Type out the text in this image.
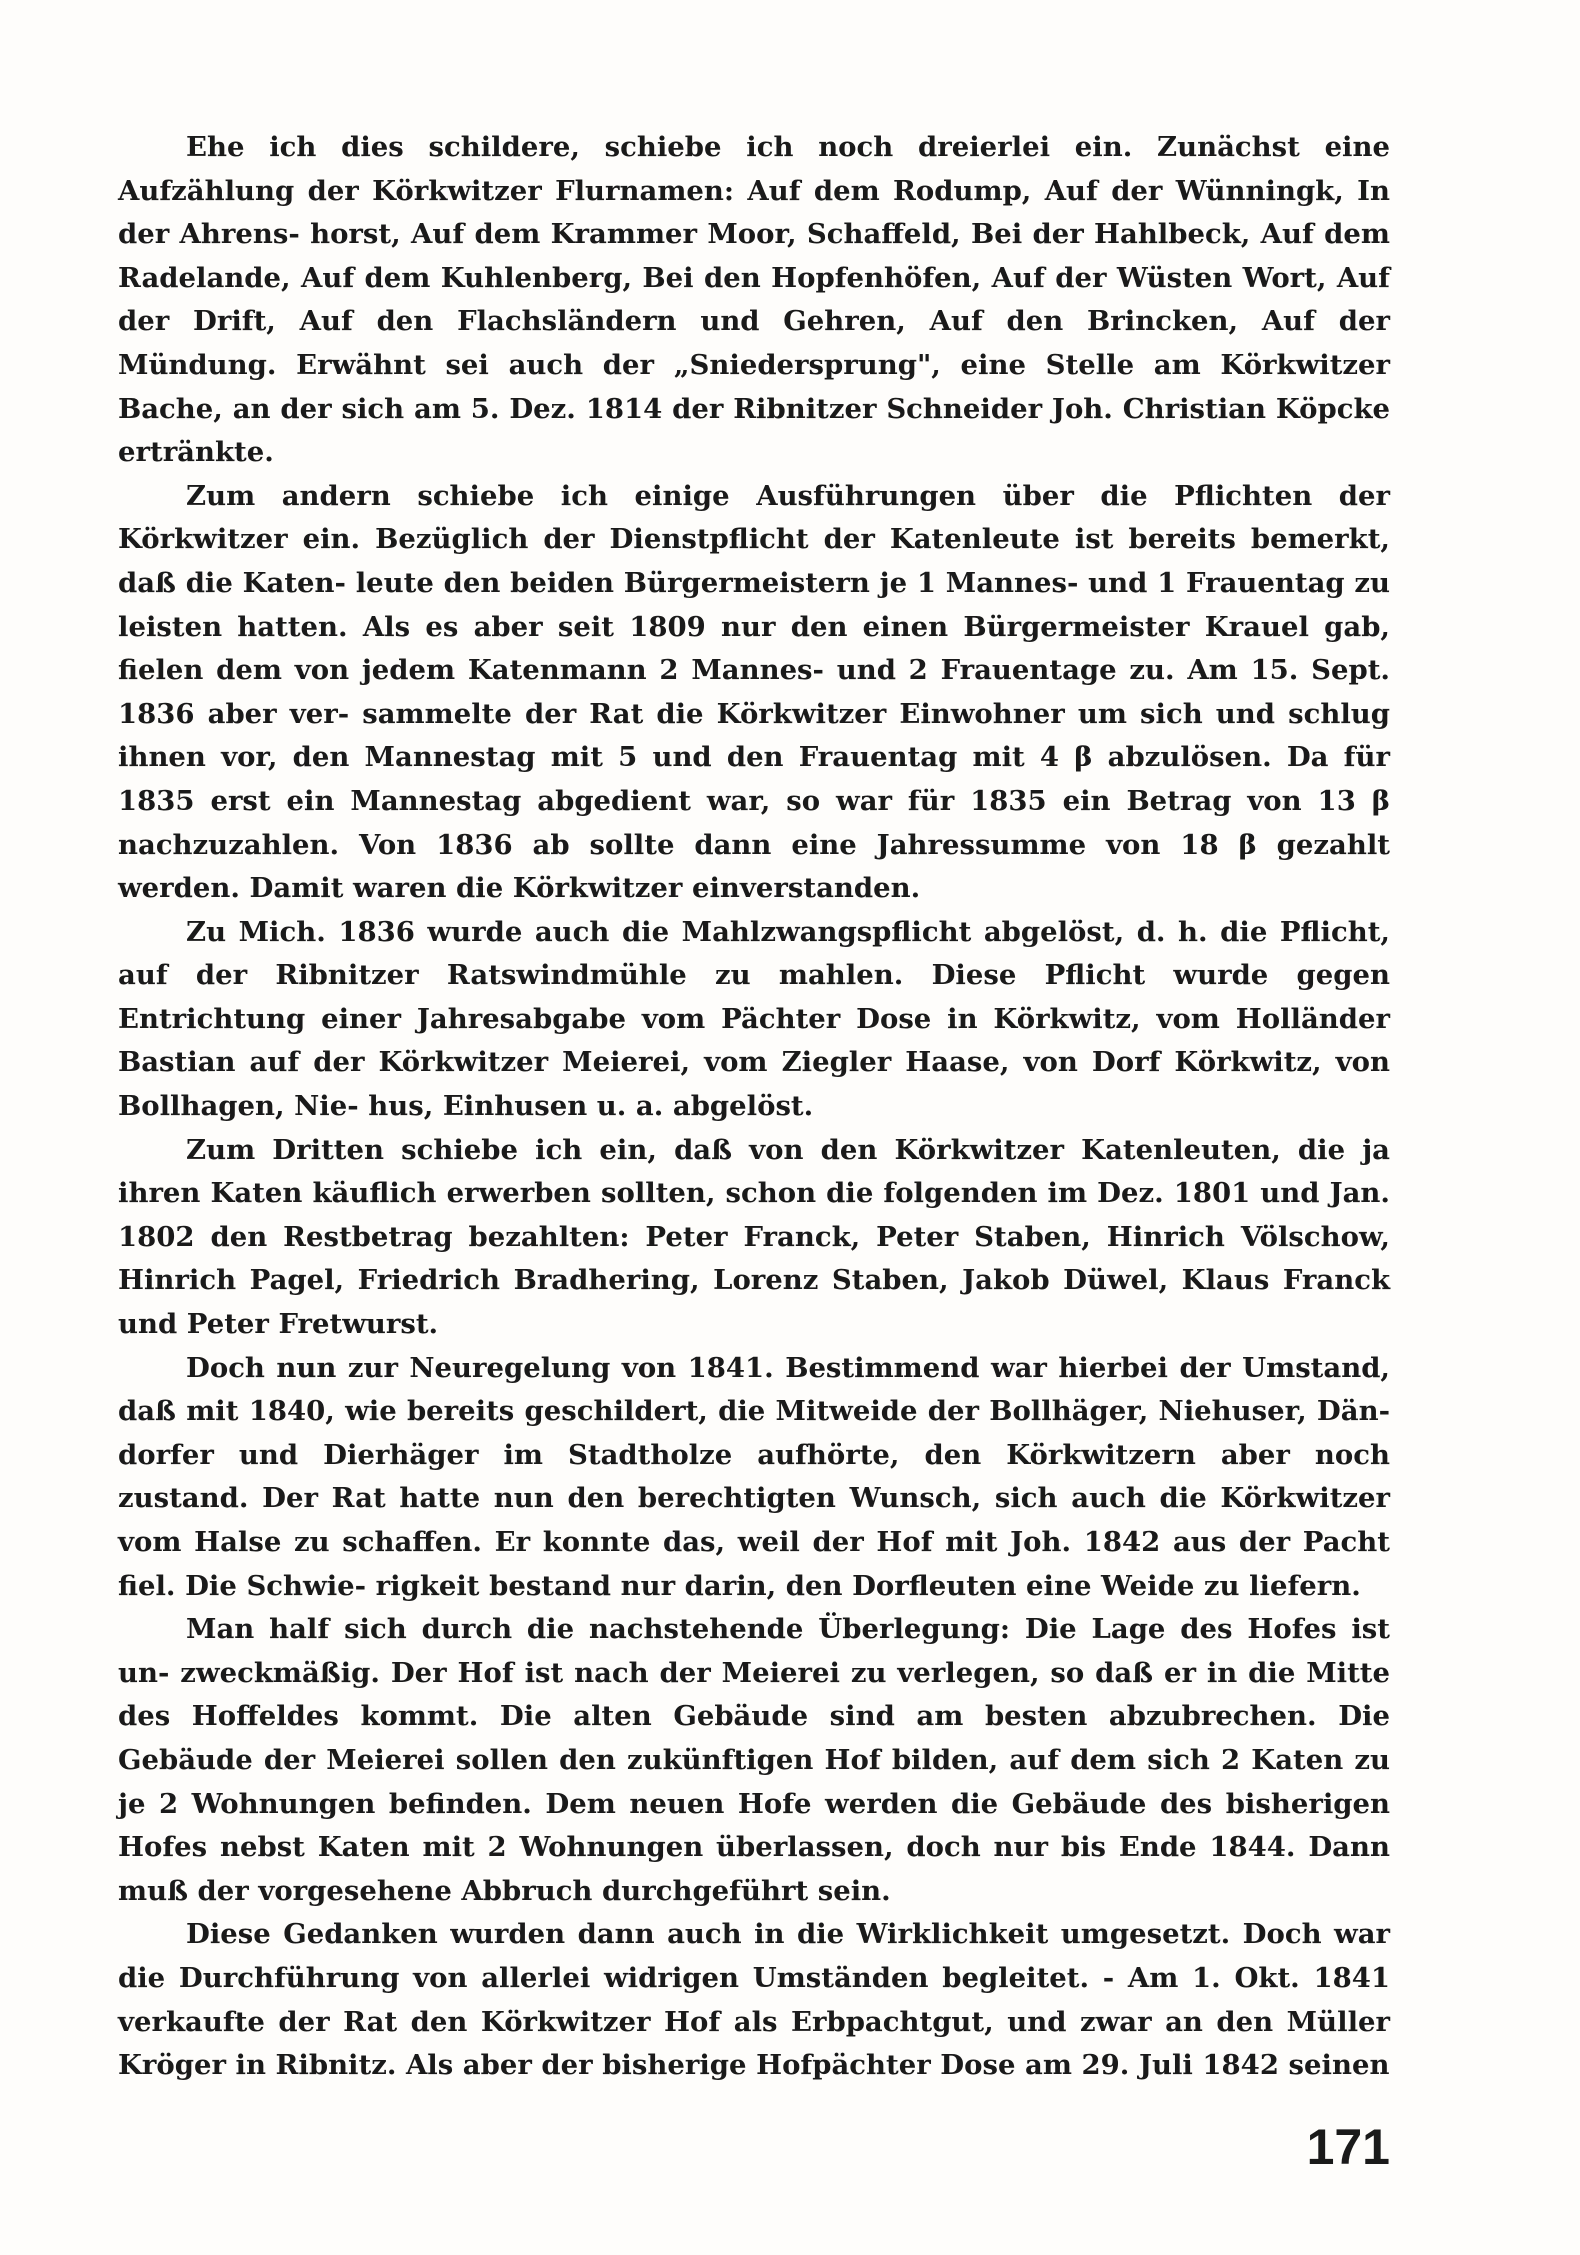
Ehe ich dies schildere, schiebe ich noch dreierlei ein. Zunächst eine Aufzählung der Körkwitzer Flurnamen: Auf dem Rodump, Auf der Wünningk, In der Ahrens- horst, Auf dem Krammer Moor, Schaffeld, Bei der Hahlbeck, Auf dem Radelande, Auf dem Kuhlenberg, Bei den Hopfenhöfen, Auf der Wüsten Wort, Auf der Drift, Auf den Flachsländern und Gehren, Auf den Brincken, Auf der Mündung. Erwähnt sei auch der „Sniedersprung", eine Stelle am Körkwitzer Bache, an der sich am 5. Dez. 1814 der Ribnitzer Schneider Joh. Christian Köpcke ertränkte.

Zum andern schiebe ich einige Ausführungen über die Pflichten der Körkwitzer ein. Bezüglich der Dienstpflicht der Katenleute ist bereits bemerkt, daß die Katen- leute den beiden Bürgermeistern je 1 Mannes- und 1 Frauentag zu leisten hatten. Als es aber seit 1809 nur den einen Bürgermeister Krauel gab, fielen dem von jedem Katenmann 2 Mannes- und 2 Frauentage zu. Am 15. Sept. 1836 aber ver- sammelte der Rat die Körkwitzer Einwohner um sich und schlug ihnen vor, den Mannestag mit 5 und den Frauentag mit 4 β abzulösen. Da für 1835 erst ein Mannestag abgedient war, so war für 1835 ein Betrag von 13 β nachzuzahlen. Von 1836 ab sollte dann eine Jahressumme von 18 β gezahlt werden. Damit waren die Körkwitzer einverstanden.

Zu Mich. 1836 wurde auch die Mahlzwangspflicht abgelöst, d. h. die Pflicht, auf der Ribnitzer Ratswindmühle zu mahlen. Diese Pflicht wurde gegen Entrichtung einer Jahresabgabe vom Pächter Dose in Körkwitz, vom Holländer Bastian auf der Körkwitzer Meierei, vom Ziegler Haase, von Dorf Körkwitz, von Bollhagen, Nie- hus, Einhusen u. a. abgelöst.

Zum Dritten schiebe ich ein, daß von den Körkwitzer Katenleuten, die ja ihren Katen käuflich erwerben sollten, schon die folgenden im Dez. 1801 und Jan. 1802 den Restbetrag bezahlten: Peter Franck, Peter Staben, Hinrich Völschow, Hinrich Pagel, Friedrich Bradhering, Lorenz Staben, Jakob Düwel, Klaus Franck und Peter Fretwurst.

Doch nun zur Neuregelung von 1841. Bestimmend war hierbei der Umstand, daß mit 1840, wie bereits geschildert, die Mitweide der Bollhäger, Niehuser, Dän- dorfer und Dierhäger im Stadtholze aufhörte, den Körkwitzern aber noch zustand. Der Rat hatte nun den berechtigten Wunsch, sich auch die Körkwitzer vom Halse zu schaffen. Er konnte das, weil der Hof mit Joh. 1842 aus der Pacht fiel. Die Schwie- rigkeit bestand nur darin, den Dorfleuten eine Weide zu liefern.

Man half sich durch die nachstehende Überlegung: Die Lage des Hofes ist un- zweckmäßig. Der Hof ist nach der Meierei zu verlegen, so daß er in die Mitte des Hoffeldes kommt. Die alten Gebäude sind am besten abzubrechen. Die Gebäude der Meierei sollen den zukünftigen Hof bilden, auf dem sich 2 Katen zu je 2 Wohnungen befinden. Dem neuen Hofe werden die Gebäude des bisherigen Hofes nebst Katen mit 2 Wohnungen überlassen, doch nur bis Ende 1844. Dann muß der vorgesehene Abbruch durchgeführt sein.

Diese Gedanken wurden dann auch in die Wirklichkeit umgesetzt. Doch war die Durchführung von allerlei widrigen Umständen begleitet. - Am 1. Okt. 1841 verkaufte der Rat den Körkwitzer Hof als Erbpachtgut, und zwar an den Müller Kröger in Ribnitz. Als aber der bisherige Hofpächter Dose am 29. Juli 1842 seinen

171
